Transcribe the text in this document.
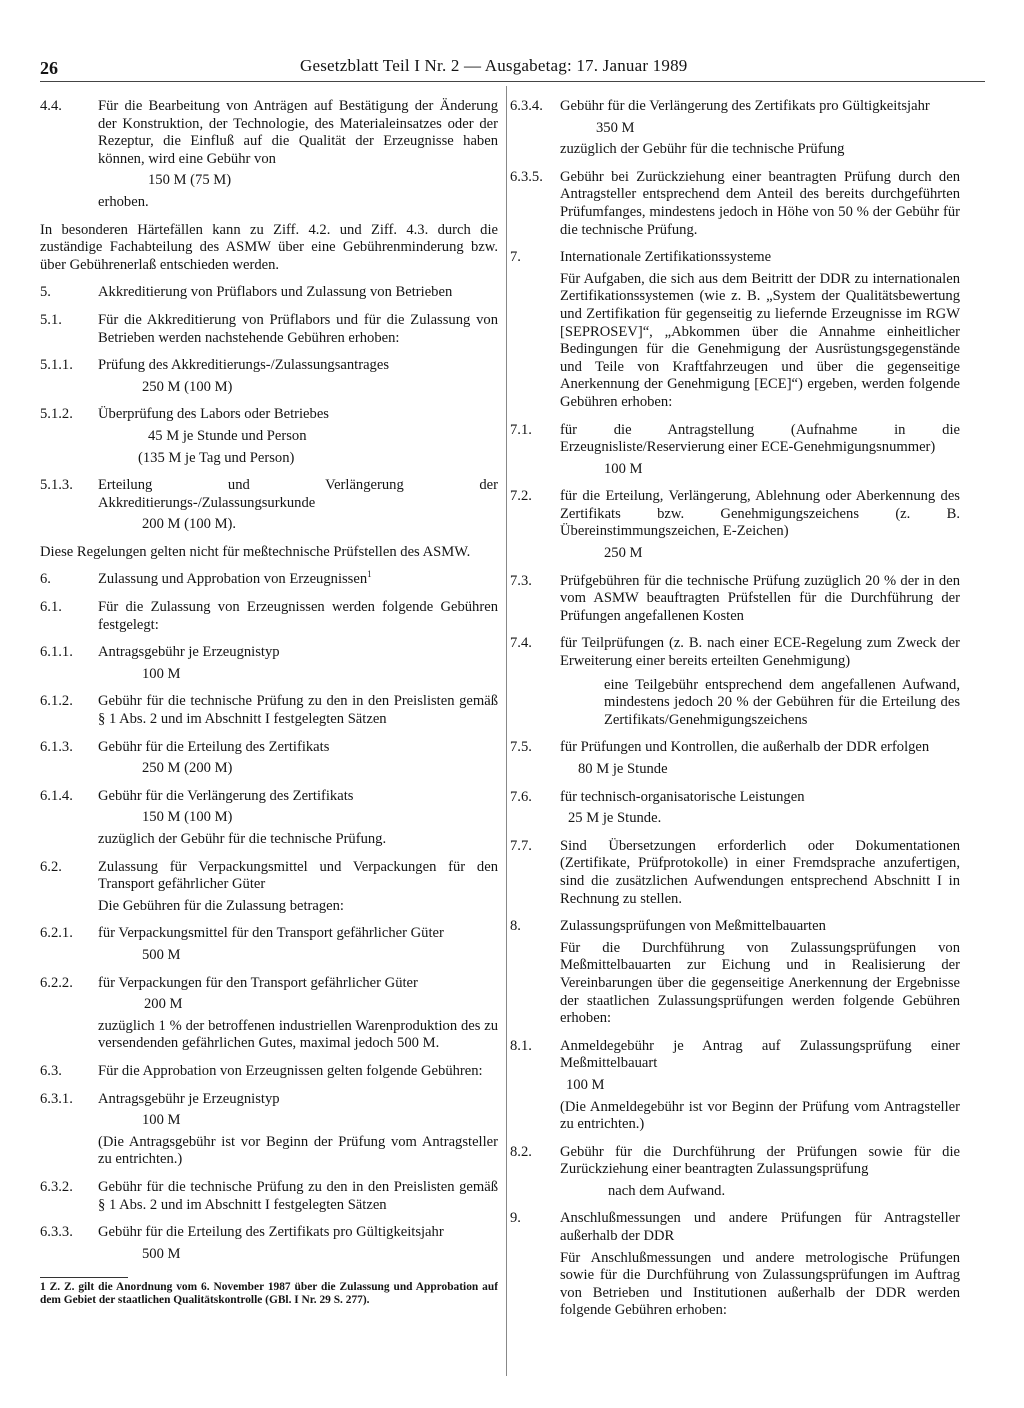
26	Gesetzblatt Teil I Nr. 2 — Ausgabetag: 17. Januar 1989
4.4.	Für die Bearbeitung von Anträgen auf Bestätigung der Änderung der Konstruktion, der Technologie, des Materialeinsatzes oder der Rezeptur, die Einfluß auf die Qualität der Erzeugnisse haben können, wird eine Gebühr von
150 M (75 M)
erhoben.
In besonderen Härtefällen kann zu Ziff. 4.2. und Ziff. 4.3. durch die zuständige Fachabteilung des ASMW über eine Gebührenminderung bzw. über Gebührenerlaß entschieden werden.
5.	Akkreditierung von Prüflabors und Zulassung von Betrieben
5.1.	Für die Akkreditierung von Prüflabors und für die Zulassung von Betrieben werden nachstehende Gebühren erhoben:
5.1.1.	Prüfung des Akkreditierungs-/Zulassungsantrages
250 M (100 M)
5.1.2.	Überprüfung des Labors oder Betriebes
45 M je Stunde und Person
(135 M je Tag und Person)
5.1.3.	Erteilung und Verlängerung der Akkreditierungs-/Zulassungsurkunde
200 M (100 M).
Diese Regelungen gelten nicht für meßtechnische Prüfstellen des ASMW.
6.	Zulassung und Approbation von Erzeugnissen$^1$
6.1.	Für die Zulassung von Erzeugnissen werden folgende Gebühren festgelegt:
6.1.1.	Antragsgebühr je Erzeugnistyp
100 M
6.1.2.	Gebühr für die technische Prüfung zu den in den Preislisten gemäß § 1 Abs. 2 und im Abschnitt I festgelegten Sätzen
6.1.3.	Gebühr für die Erteilung des Zertifikats
250 M (200 M)
6.1.4.	Gebühr für die Verlängerung des Zertifikats
150 M (100 M)
zuzüglich der Gebühr für die technische Prüfung.
6.2.	Zulassung für Verpackungsmittel und Verpackungen für den Transport gefährlicher Güter
Die Gebühren für die Zulassung betragen:
6.2.1.	für Verpackungsmittel für den Transport gefährlicher Güter
500 M
6.2.2.	für Verpackungen für den Transport gefährlicher Güter
200 M
zuzüglich 1 % der betroffenen industriellen Warenproduktion des zu versendenden gefährlichen Gutes, maximal jedoch 500 M.
6.3.	Für die Approbation von Erzeugnissen gelten folgende Gebühren:
6.3.1.	Antragsgebühr je Erzeugnistyp
100 M
(Die Antragsgebühr ist vor Beginn der Prüfung vom Antragsteller zu entrichten.)
6.3.2.	Gebühr für die technische Prüfung zu den in den Preislisten gemäß § 1 Abs. 2 und im Abschnitt I festgelegten Sätzen
6.3.3.	Gebühr für die Erteilung des Zertifikats pro Gültigkeitsjahr
500 M
1 Z. Z. gilt die Anordnung vom 6. November 1987 über die Zulassung und Approbation auf dem Gebiet der staatlichen Qualitätskontrolle (GBl. I Nr. 29 S. 277).
6.3.4.	Gebühr für die Verlängerung des Zertifikats pro Gültigkeitsjahr
350 M
zuzüglich der Gebühr für die technische Prüfung
6.3.5.	Gebühr bei Zurückziehung einer beantragten Prüfung durch den Antragsteller entsprechend dem Anteil des bereits durchgeführten Prüfumfanges, mindestens jedoch in Höhe von 50 % der Gebühr für die technische Prüfung.
7.	Internationale Zertifikationssysteme
Für Aufgaben, die sich aus dem Beitritt der DDR zu internationalen Zertifikationssystemen (wie z. B. „System der Qualitätsbewertung und Zertifikation für gegenseitig zu liefernde Erzeugnisse im RGW [SEPROSEV]“, „Abkommen über die Annahme einheitlicher Bedingungen für die Genehmigung der Ausrüstungsgegenstände und Teile von Kraftfahrzeugen und über die gegenseitige Anerkennung der Genehmigung [ECE]“) ergeben, werden folgende Gebühren erhoben:
7.1.	für die Antragstellung (Aufnahme in die Erzeugnisliste/Reservierung einer ECE-Genehmigungsnummer)
100 M
7.2.	für die Erteilung, Verlängerung, Ablehnung oder Aberkennung des Zertifikats bzw. Genehmigungszeichens (z. B. Übereinstimmungszeichen, E-Zeichen)
250 M
7.3.	Prüfgebühren für die technische Prüfung zuzüglich 20 % der in den vom ASMW beauftragten Prüfstellen für die Durchführung der Prüfungen angefallenen Kosten
7.4.	für Teilprüfungen (z. B. nach einer ECE-Regelung zum Zweck der Erweiterung einer bereits erteilten Genehmigung)
eine Teilgebühr entsprechend dem angefallenen Aufwand, mindestens jedoch 20 % der Gebühren für die Erteilung des Zertifikats/Genehmigungszeichens
7.5.	für Prüfungen und Kontrollen, die außerhalb der DDR erfolgen
80 M je Stunde
7.6.	für technisch-organisatorische Leistungen
25 M je Stunde.
7.7.	Sind Übersetzungen erforderlich oder Dokumentationen (Zertifikate, Prüfprotokolle) in einer Fremdsprache anzufertigen, sind die zusätzlichen Aufwendungen entsprechend Abschnitt I in Rechnung zu stellen.
8.	Zulassungsprüfungen von Meßmittelbauarten
Für die Durchführung von Zulassungsprüfungen von Meßmittelbauarten zur Eichung und in Realisierung der Vereinbarungen über die gegenseitige Anerkennung der Ergebnisse der staatlichen Zulassungsprüfungen werden folgende Gebühren erhoben:
8.1.	Anmeldegebühr je Antrag auf Zulassungsprüfung einer Meßmittelbauart
100 M
(Die Anmeldegebühr ist vor Beginn der Prüfung vom Antragsteller zu entrichten.)
8.2.	Gebühr für die Durchführung der Prüfungen sowie für die Zurückziehung einer beantragten Zulassungsprüfung
nach dem Aufwand.
9.	Anschlußmessungen und andere Prüfungen für Antragsteller außerhalb der DDR
Für Anschlußmessungen und andere metrologische Prüfungen sowie für die Durchführung von Zulassungsprüfungen im Auftrag von Betrieben und Institutionen außerhalb der DDR werden folgende Gebühren erhoben:
